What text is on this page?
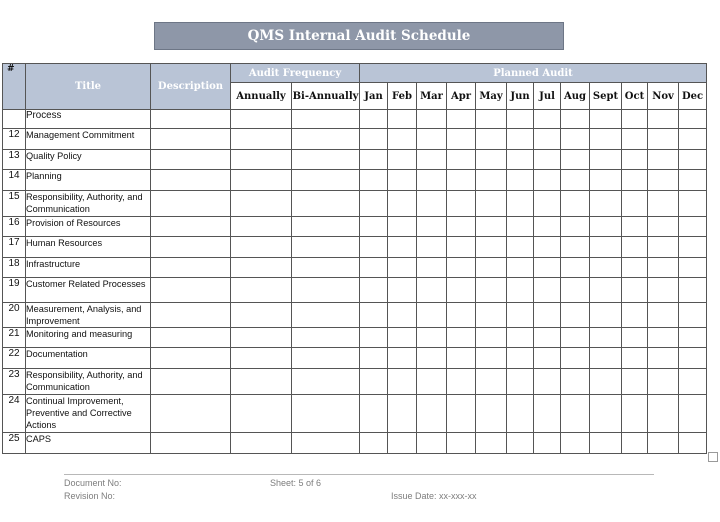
QMS Internal Audit Schedule
#	Title	Description	Audit Frequency		Planned Audit											
			Annually	Bi-Annually	Jan	Feb	Mar	Apr	May	Jun	Jul	Aug	Sept	Oct	Nov	Dec
	Process															
12	Management Commitment															
13	Quality Policy															
14	Planning															
15	Responsibility, Authority, and Communication															
16	Provision of Resources															
17	Human Resources															
18	Infrastructure															
19	Customer Related Processes															
20	Measurement, Analysis, and Improvement															
21	Monitoring and measuring															
22	Documentation															
23	Responsibility, Authority, and Communication															
24	Continual Improvement, Preventive and Corrective Actions															
25	CAPS															
Document No:
Revision No:
Sheet: 5 of 6
Issue Date: xx-xxx-xx
